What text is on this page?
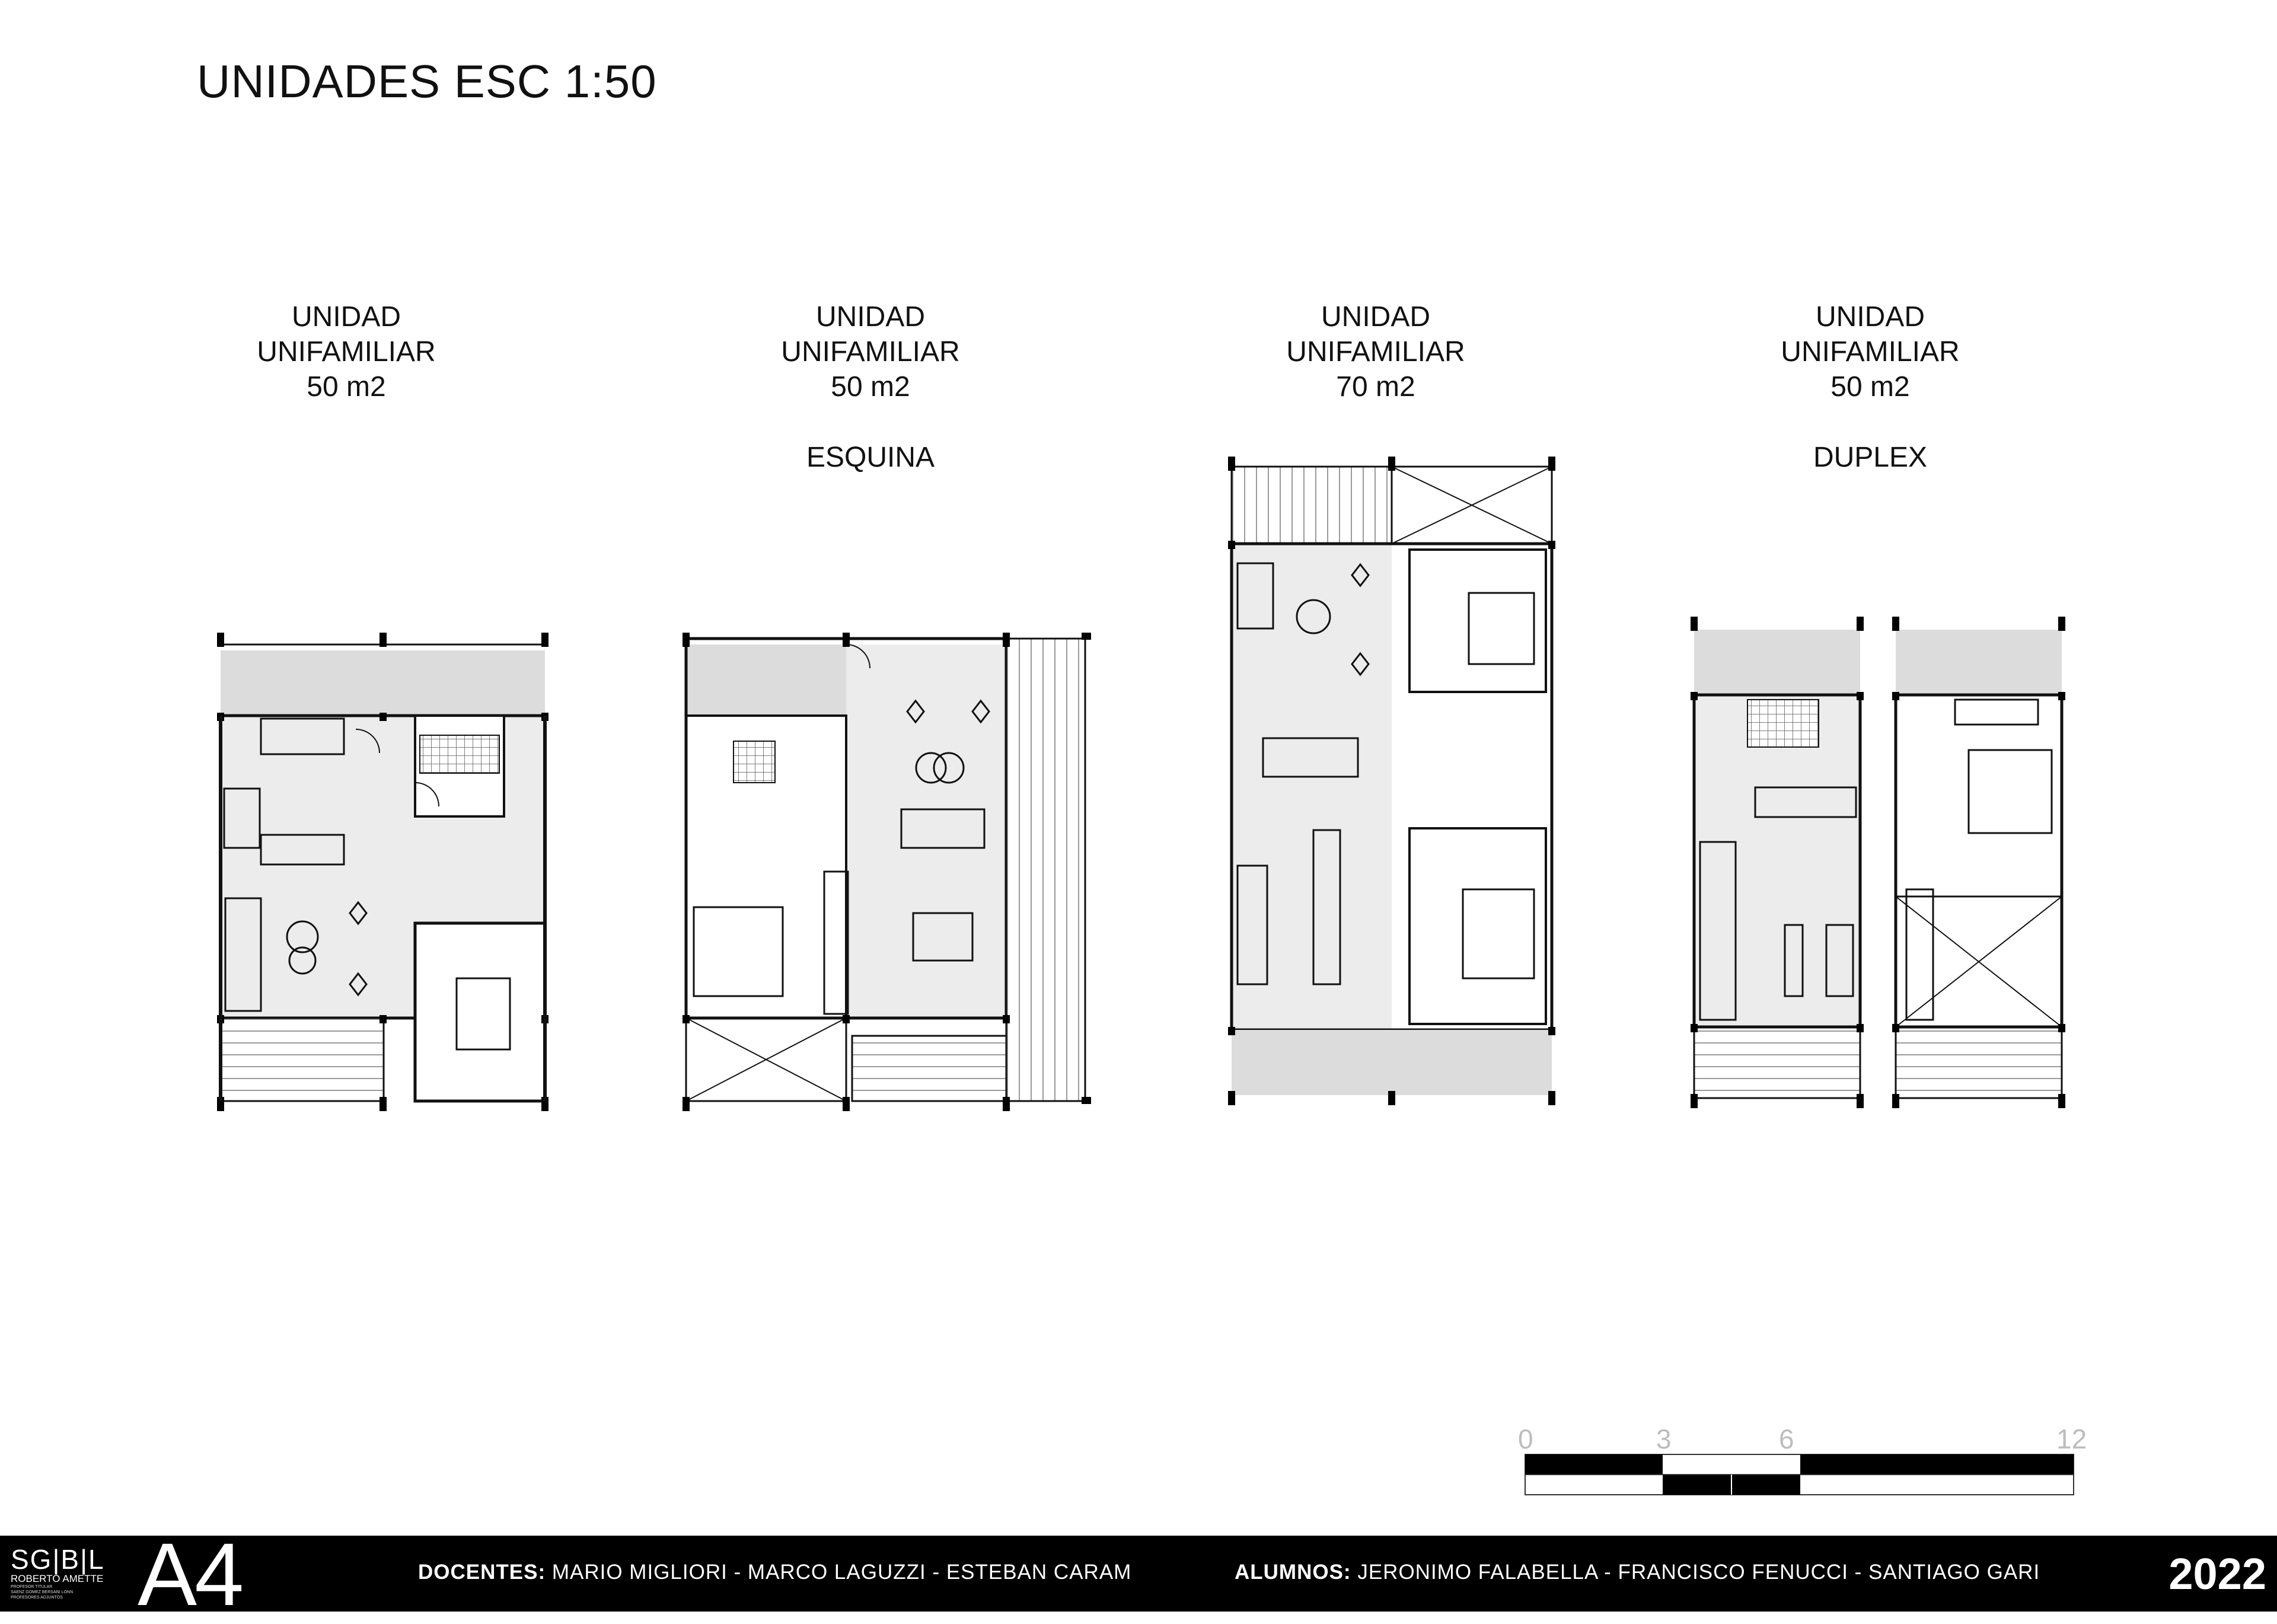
UNIDADES ESC 1:50
UNIDAD
UNIFAMILIAR
50 m2
UNIDAD
UNIFAMILIAR
50 m2
ESQUINA
UNIDAD
UNIFAMILIAR
70 m2
UNIDAD
UNIFAMILIAR
50 m2
DUPLEX
0	3	6	12
SG|B|L
ROBERTO AMETTE
PROFESOR TITULAR
SAENZ GOMEZ BERSANI LONN
PROFESORES ADJUNTOS A4	DOCENTES: MARIO MIGLIORI - MARCO LAGUZZI - ESTEBAN CARAM	ALUMNOS: JERONIMO FALABELLA - FRANCISCO FENUCCI - SANTIAGO GARI	2022
